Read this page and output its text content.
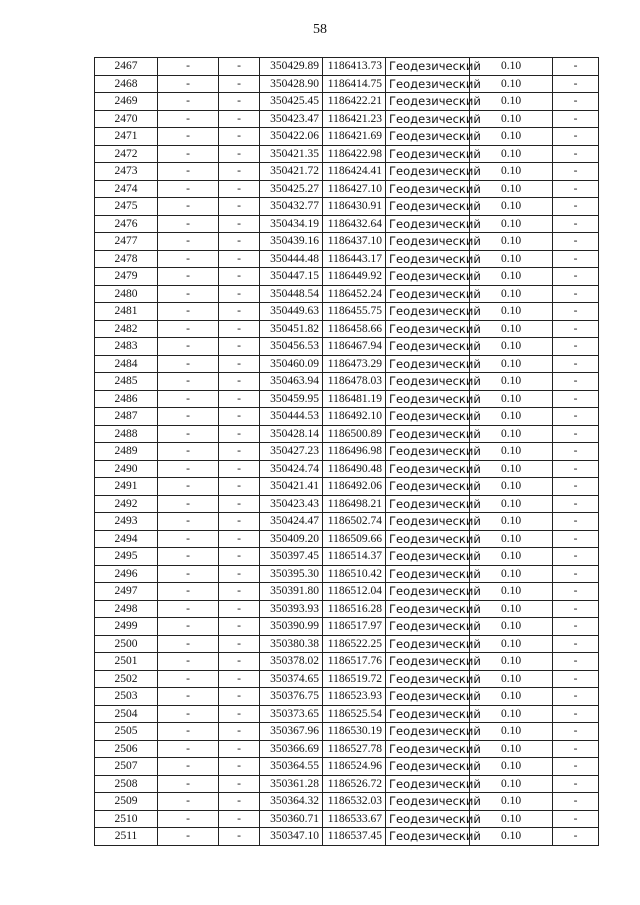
58
2467	-	-	350429.89	1186413.73	Геодезический	0.10	-
2468	-	-	350428.90	1186414.75	Геодезический	0.10	-
2469	-	-	350425.45	1186422.21	Геодезический	0.10	-
2470	-	-	350423.47	1186421.23	Геодезический	0.10	-
2471	-	-	350422.06	1186421.69	Геодезический	0.10	-
2472	-	-	350421.35	1186422.98	Геодезический	0.10	-
2473	-	-	350421.72	1186424.41	Геодезический	0.10	-
2474	-	-	350425.27	1186427.10	Геодезический	0.10	-
2475	-	-	350432.77	1186430.91	Геодезический	0.10	-
2476	-	-	350434.19	1186432.64	Геодезический	0.10	-
2477	-	-	350439.16	1186437.10	Геодезический	0.10	-
2478	-	-	350444.48	1186443.17	Геодезический	0.10	-
2479	-	-	350447.15	1186449.92	Геодезический	0.10	-
2480	-	-	350448.54	1186452.24	Геодезический	0.10	-
2481	-	-	350449.63	1186455.75	Геодезический	0.10	-
2482	-	-	350451.82	1186458.66	Геодезический	0.10	-
2483	-	-	350456.53	1186467.94	Геодезический	0.10	-
2484	-	-	350460.09	1186473.29	Геодезический	0.10	-
2485	-	-	350463.94	1186478.03	Геодезический	0.10	-
2486	-	-	350459.95	1186481.19	Геодезический	0.10	-
2487	-	-	350444.53	1186492.10	Геодезический	0.10	-
2488	-	-	350428.14	1186500.89	Геодезический	0.10	-
2489	-	-	350427.23	1186496.98	Геодезический	0.10	-
2490	-	-	350424.74	1186490.48	Геодезический	0.10	-
2491	-	-	350421.41	1186492.06	Геодезический	0.10	-
2492	-	-	350423.43	1186498.21	Геодезический	0.10	-
2493	-	-	350424.47	1186502.74	Геодезический	0.10	-
2494	-	-	350409.20	1186509.66	Геодезический	0.10	-
2495	-	-	350397.45	1186514.37	Геодезический	0.10	-
2496	-	-	350395.30	1186510.42	Геодезический	0.10	-
2497	-	-	350391.80	1186512.04	Геодезический	0.10	-
2498	-	-	350393.93	1186516.28	Геодезический	0.10	-
2499	-	-	350390.99	1186517.97	Геодезический	0.10	-
2500	-	-	350380.38	1186522.25	Геодезический	0.10	-
2501	-	-	350378.02	1186517.76	Геодезический	0.10	-
2502	-	-	350374.65	1186519.72	Геодезический	0.10	-
2503	-	-	350376.75	1186523.93	Геодезический	0.10	-
2504	-	-	350373.65	1186525.54	Геодезический	0.10	-
2505	-	-	350367.96	1186530.19	Геодезический	0.10	-
2506	-	-	350366.69	1186527.78	Геодезический	0.10	-
2507	-	-	350364.55	1186524.96	Геодезический	0.10	-
2508	-	-	350361.28	1186526.72	Геодезический	0.10	-
2509	-	-	350364.32	1186532.03	Геодезический	0.10	-
2510	-	-	350360.71	1186533.67	Геодезический	0.10	-
2511	-	-	350347.10	1186537.45	Геодезический	0.10	-
